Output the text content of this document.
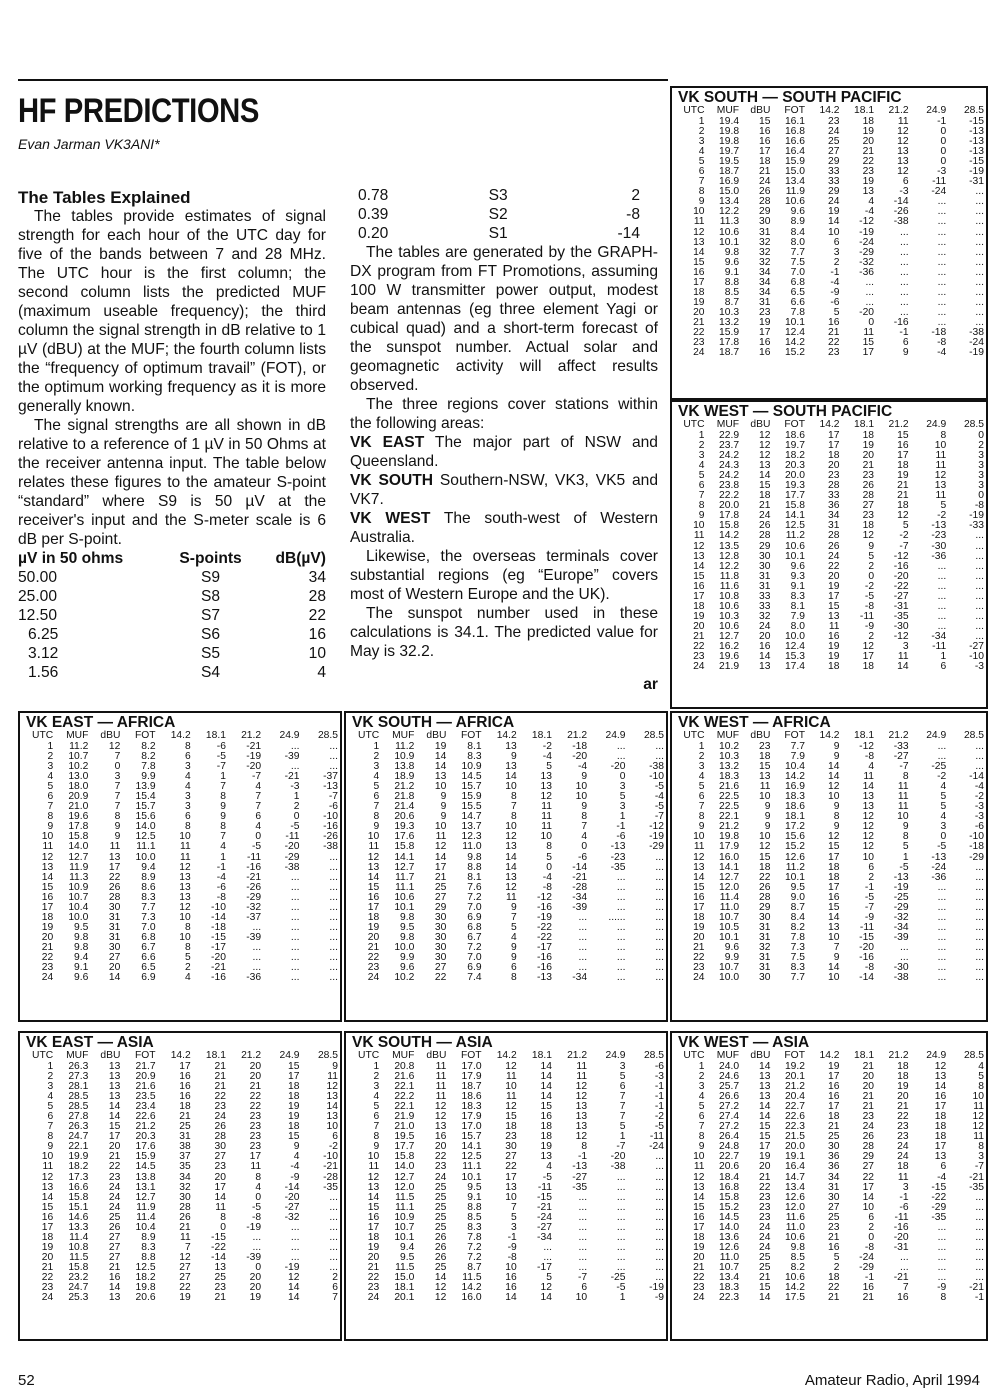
HF PREDICTIONS
Evan Jarman VK3ANI*
The Tables Explained

The tables provide estimates of signal strength for each hour of the UTC day for five of the bands between 7 and 28 MHz. The UTC hour is the first column; the second column lists the predicted MUF (maximum useable frequency); the third column the signal strength in dB relative to 1 µV (dBU) at the MUF; the fourth column lists the “frequency of optimum travail” (FOT), or the optimum working frequency as it is more generally known.

The signal strengths are all shown in dB relative to a reference of 1 µV in 50 Ohms at the receiver antenna input. The table below relates these figures to the amateur S-point “standard” where S9 is 50 µV at the receiver's input and the S-meter scale is 6 dB per S-point.

µV in 50 ohms	S-points	dB(µV)
50.00	S9	34
25.00	S8	28
12.50	S7	22
6.25	S6	16
3.12	S5	10
1.56	S4	4
0.78	S3	2
0.39	S2	-8
0.20	S1	-14

The tables are generated by the GRAPH-DX program from FT Promotions, assuming 100 W transmitter power output, modest beam antennas (eg three element Yagi or cubical quad) and a short-term forecast of the sunspot number. Actual solar and geomagnetic activity will affect results observed.

The three regions cover stations within the following areas:

VK EAST The major part of NSW and Queensland.

VK SOUTH Southern-NSW, VK3, VK5 and VK7.

VK WEST The south-west of Western Australia.

Likewise, the overseas terminals cover substantial regions (eg “Europe” covers most of Western Europe and the UK).

The sunspot number used in these calculations is 34.1. The predicted value for May is 32.2.

ar
VK SOUTH — SOUTH PACIFIC
UTC	MUF	dBU	FOT	14.2	18.1	21.2	24.9	28.5
1	19.4	15	16.1	23	18	11	-1	-15
2	19.8	16	16.8	24	19	12	0	-13
3	19.8	16	16.6	25	20	12	0	-13
4	19.7	17	16.4	27	21	13	0	-13
5	19.5	18	15.9	29	22	13	0	-15
6	18.7	21	15.0	33	23	12	-3	-19
7	16.9	24	13.4	33	19	6	-11	-31
8	15.0	26	11.9	29	13	-3	-24	...
9	13.4	28	10.6	24	4	-14	...	...
10	12.2	29	9.6	19	-4	-26	...	...
11	11.3	30	8.9	14	-12	-38	...	...
12	10.6	31	8.4	10	-19	...	...	...
13	10.1	32	8.0	6	-24	...	...	...
14	9.8	32	7.7	3	-29	...	...	...
15	9.6	32	7.5	2	-32	...	...	...
16	9.1	34	7.0	-1	-36	...	...	...
17	8.8	34	6.8	-4	...	...	...	...
18	8.5	34	6.5	-9	...	...	...	...
19	8.7	31	6.6	-6	...	...	...	...
20	10.3	23	7.8	5	-20	...	...	...
21	13.2	19	10.1	16	0	-16	...	...
22	15.9	17	12.4	21	11	-1	-18	-38
23	17.8	16	14.2	22	15	6	-8	-24
24	18.7	16	15.2	23	17	9	-4	-19
VK WEST — SOUTH PACIFIC
UTC	MUF	dBU	FOT	14.2	18.1	21.2	24.9	28.5
1	22.9	12	18.6	17	18	15	8	0
2	23.7	12	19.7	17	19	16	10	2
3	24.2	12	18.2	18	20	17	11	3
4	24.3	13	20.3	20	21	18	11	3
5	24.2	14	20.0	23	23	19	12	3
6	23.8	15	19.3	28	26	21	13	3
7	22.2	18	17.7	33	28	21	11	0
8	20.0	21	15.8	36	27	18	5	-8
9	17.8	24	14.1	34	23	12	-2	-19
10	15.8	26	12.5	31	18	5	-13	-33
11	14.2	28	11.2	28	12	-2	-23	...
12	13.5	29	10.6	26	9	-7	-30	...
13	12.8	30	10.1	24	5	-12	-36	...
14	12.2	30	9.6	22	2	-16	...	...
15	11.8	31	9.3	20	0	-20	...	...
16	11.6	31	9.1	19	-2	-22	...	...
17	10.8	33	8.3	17	-5	-27	...	...
18	10.6	33	8.1	15	-8	-31	...	...
19	10.3	32	7.9	13	-11	-35	...	...
20	10.6	24	8.0	11	-9	-30	...	...
21	12.7	20	10.0	16	2	-12	-34	...
22	16.2	16	12.4	19	12	3	-11	-27
23	19.6	14	15.3	19	17	11	1	-10
24	21.9	13	17.4	18	18	14	6	-3
VK EAST — AFRICA
UTC	MUF	dBU	FOT	14.2	18.1	21.2	24.9	28.5
1	11.2	12	8.2	8	-6	-21	...	...
2	10.7	7	8.2	6	-5	-19	-39	...
3	10.2	0	7.8	3	-7	-20	...	...
4	13.0	3	9.9	4	1	-7	-21	-37
5	18.0	7	13.9	4	7	4	-3	-13
6	20.9	7	15.4	3	8	7	1	-7
7	21.0	7	15.7	3	9	7	2	-6
8	19.6	8	15.6	6	9	6	0	-10
9	17.8	9	14.0	8	8	4	-5	-16
10	15.8	9	12.5	10	7	0	-11	-26
11	14.0	11	11.1	11	4	-5	-20	-38
12	12.7	13	10.0	11	1	-11	-29	...
13	11.9	17	9.4	12	-1	-16	-38	...
14	11.3	22	8.9	13	-4	-21	...	...
15	10.9	26	8.6	13	-6	-26	...	...
16	10.7	28	8.3	13	-8	-29	...	...
17	10.4	30	7.7	12	-10	-32	...	...
18	10.0	31	7.3	10	-14	-37	...	...
19	9.5	31	7.0	8	-18	...	...	...
20	9.8	31	6.8	10	-15	-39	...	...
21	9.8	30	6.7	8	-17	...	...	...
22	9.4	27	6.6	5	-20	...	...	...
23	9.1	20	6.5	2	-21	...	...	...
24	9.6	14	6.9	4	-16	-36	...	...
VK SOUTH — AFRICA
UTC	MUF	dBU	FOT	14.2	18.1	21.2	24.9	28.5
1	11.2	19	8.1	13	-2	-18	...	...
2	10.9	14	8.3	9	-4	-20	...	...
3	13.8	14	10.9	13	5	-4	-20	-38
4	18.9	13	14.5	14	13	9	0	-10
5	21.2	10	15.7	10	13	10	3	-5
6	21.8	9	15.9	8	12	10	5	-4
7	21.4	9	15.5	7	11	9	3	-5
8	20.6	9	14.7	8	11	8	1	-7
9	19.3	10	13.7	10	11	7	-1	-12
10	17.6	11	12.3	12	10	4	-6	-19
11	15.8	12	11.0	13	8	0	-13	-29
12	14.1	14	9.8	14	5	-6	-23	...
13	12.7	17	8.8	14	0	-14	-35	...
14	11.7	21	8.1	13	-4	-21	...	...
15	11.1	25	7.6	12	-8	-28	...	...
16	10.6	27	7.2	11	-12	-34	...	...
17	10.1	29	7.0	9	-16	-39	...	...
18	9.8	30	6.9	7	-19	...	......	...
19	9.5	30	6.8	5	-22	...	...	...
20	9.8	30	6.7	4	-22	...	...	...
21	10.0	30	7.2	9	-17	...	...	...
22	9.9	30	7.0	9	-16	...	...	...
23	9.6	27	6.9	6	-16	...	...	...
24	10.2	22	7.4	8	-13	-34	...	...
VK WEST — AFRICA
UTC	MUF	dBU	FOT	14.2	18.1	21.2	24.9	28.5
1	10.2	23	7.7	9	-12	-33	...	...
2	10.3	18	7.9	9	-8	-27	...	...
3	13.2	15	10.4	14	4	-7	-25	...
4	18.3	13	14.2	14	11	8	-2	-14
5	21.6	11	16.9	12	14	11	4	-4
6	22.5	10	18.3	10	13	11	5	-2
7	22.5	9	18.6	9	13	11	5	-3
8	22.1	9	18.1	8	12	10	4	-3
9	21.2	9	17.2	9	12	9	3	-6
10	19.8	10	15.6	12	12	8	0	-10
11	17.9	12	15.2	15	12	5	-5	-18
12	16.0	15	12.6	17	10	1	-13	-29
13	14.1	18	11.2	18	6	-5	-24	...
14	12.7	22	10.1	18	2	-13	-36	...
15	12.0	26	9.5	17	-1	-19	...	...
16	11.4	28	9.0	16	-5	-25	...	...
17	11.0	29	8.7	15	-7	-29	...	...
18	10.7	30	8.4	14	-9	-32	...	...
19	10.5	31	8.2	13	-11	-34	...	...
20	10.1	31	7.8	10	-15	-39	...	...
21	9.6	32	7.3	7	-20	...	...	...
22	9.9	31	7.5	9	-16	...	...	...
23	10.7	31	8.3	14	-8	-30	...	...
24	10.0	30	7.7	10	-14	-38	...	...
VK EAST — ASIA
UTC	MUF	dBU	FOT	14.2	18.1	21.2	24.9	28.5
1	26.3	13	21.7	17	21	20	15	9
2	27.3	13	20.9	16	21	20	17	11
3	28.1	13	21.6	16	21	21	18	12
4	28.5	13	23.5	16	22	22	18	13
5	28.5	14	23.4	18	23	22	19	14
6	27.8	14	22.6	21	24	23	19	13
7	26.3	15	21.2	25	26	23	18	10
8	24.7	17	20.3	31	28	23	15	6
9	22.1	20	17.6	38	30	23	9	-2
10	19.9	21	15.9	37	27	17	4	-10
11	18.2	22	14.5	35	23	11	-4	-21
12	17.3	23	13.8	34	20	8	-9	-28
13	16.6	24	13.1	32	17	4	-14	-35
14	15.8	24	12.7	30	14	0	-20	...
15	15.1	24	11.9	28	11	-5	-27	...
16	14.6	25	11.4	26	8	-8	-32	...
17	13.3	26	10.4	21	0	-19	...	...
18	11.4	27	8.9	11	-15	...	...	...
19	10.8	27	8.3	7	-22	...	...	...
20	11.5	27	8.8	12	-14	-39	...	...
21	15.8	21	12.5	27	13	0	-19	...
22	23.2	16	18.2	27	25	20	12	2
23	24.7	14	19.8	22	23	20	14	6
24	25.3	13	20.6	19	21	19	14	7
VK SOUTH — ASIA
UTC	MUF	dBU	FOT	14.2	18.1	21.2	24.9	28.5
1	20.8	11	17.0	12	14	11	3	-6
2	21.6	11	17.9	11	14	11	5	-3
3	22.1	11	18.7	10	14	12	6	-1
4	22.2	11	18.6	11	14	12	7	-1
5	22.1	12	18.3	12	15	13	7	-1
6	21.9	12	17.9	15	16	13	7	-2
7	21.0	13	17.0	18	18	13	5	-5
8	19.5	16	15.7	23	18	12	1	-11
9	17.7	20	14.1	30	19	8	-7	-24
10	15.8	22	12.5	27	13	-1	-20	...
11	14.0	23	11.1	22	4	-13	-38	...
12	12.7	24	10.1	17	-5	-27	...	...
13	12.0	25	9.5	13	-11	-35	...	...
14	11.5	25	9.1	10	-15	...	...	...
15	11.1	25	8.8	7	-21	...	...	...
16	10.9	25	8.5	5	-24	...	...	...
17	10.7	25	8.3	3	-27	...	...	...
18	10.1	26	7.8	-1	-34	...	...	...
19	9.4	26	7.2	-9	...	...	...	...
20	9.5	26	7.2	-8	...	...	...	...
21	11.5	25	8.7	10	-17	...	...	...
22	15.0	14	11.5	16	5	-7	-25	...
23	18.1	12	14.2	16	12	6	-5	-19
24	20.1	12	16.0	14	14	10	1	-9
VK WEST — ASIA
UTC	MUF	dBU	FOT	14.2	18.1	21.2	24.9	28.5
1	24.0	14	19.2	19	21	18	12	4
2	24.6	13	20.1	17	20	18	13	5
3	25.7	13	21.2	16	20	19	14	8
4	26.6	13	20.4	16	21	20	16	10
5	27.2	14	22.7	17	21	21	17	11
6	27.4	14	22.6	18	23	22	18	12
7	27.2	15	22.3	21	24	23	18	12
8	26.4	15	21.5	25	26	23	18	11
9	24.8	17	20.0	30	28	24	17	8
10	22.7	19	19.1	36	29	24	13	3
11	20.6	20	16.4	36	27	18	6	-7
12	18.4	21	14.7	34	22	11	-4	-21
13	16.8	22	13.4	31	17	3	-15	-35
14	15.8	23	12.6	30	14	-1	-22	...
15	15.2	23	12.0	27	10	-6	-29	...
16	14.5	23	11.6	25	6	-11	-35	...
17	14.0	24	11.0	23	2	-16	...	...
18	13.6	24	10.6	21	0	-20	...	...
19	12.6	24	9.8	16	-8	-31	...	...
20	11.0	25	8.5	5	-24	...	...	...
21	10.7	25	8.2	2	-29	...	...	...
22	13.4	21	10.6	18	-1	-21	...	...
23	18.3	15	14.2	22	16	7	-9	-21
24	22.3	14	17.5	21	21	16	8	-1
52	Amateur Radio, April 1994
